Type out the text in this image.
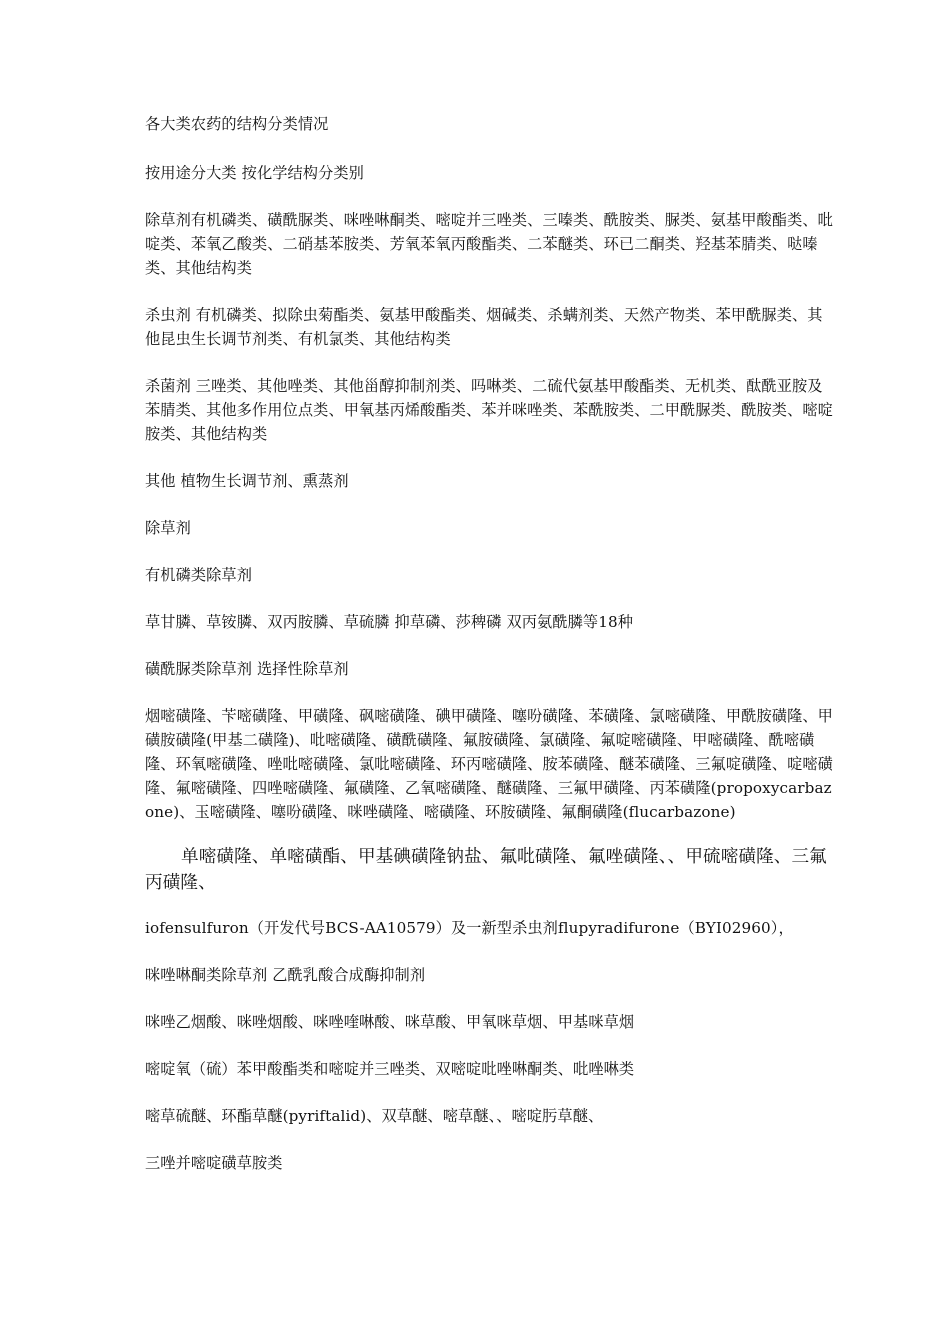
各大类农药的结构分类情况

按用途分大类 按化学结构分类别

除草剂有机磷类、磺酰脲类、咪唑啉酮类、嘧啶并三唑类、三嗪类、酰胺类、脲类、氨基甲酸酯类、吡啶类、苯氧乙酸类、二硝基苯胺类、芳氧苯氧丙酸酯类、二苯醚类、环已二酮类、羟基苯腈类、哒嗪类、其他结构类

杀虫剂 有机磷类、拟除虫菊酯类、氨基甲酸酯类、烟碱类、杀螨剂类、天然产物类、苯甲酰脲类、其他昆虫生长调节剂类、有机氯类、其他结构类

杀菌剂 三唑类、其他唑类、其他甾醇抑制剂类、吗啉类、二硫代氨基甲酸酯类、无机类、酞酰亚胺及苯腈类、其他多作用位点类、甲氧基丙烯酸酯类、苯并咪唑类、苯酰胺类、二甲酰脲类、酰胺类、嘧啶胺类、其他结构类

其他 植物生长调节剂、熏蒸剂

除草剂

有机磷类除草剂

草甘膦、草铵膦、双丙胺膦、草硫膦 抑草磷、莎稗磷 双丙氨酰膦等18种

磺酰脲类除草剂 选择性除草剂

烟嘧磺隆、苄嘧磺隆、甲磺隆、砜嘧磺隆、碘甲磺隆、噻吩磺隆、苯磺隆、氯嘧磺隆、甲酰胺磺隆、甲磺胺磺隆(甲基二磺隆)、吡嘧磺隆、磺酰磺隆、氟胺磺隆、氯磺隆、氟啶嘧磺隆、甲嘧磺隆、酰嘧磺隆、环氧嘧磺隆、唑吡嘧磺隆、氯吡嘧磺隆、环丙嘧磺隆、胺苯磺隆、醚苯磺隆、三氟啶磺隆、啶嘧磺隆、氟嘧磺隆、四唑嘧磺隆、氟磺隆、乙氧嘧磺隆、醚磺隆、三氟甲磺隆、丙苯磺隆(propoxycarbazone)、玉嘧磺隆、噻吩磺隆、咪唑磺隆、嘧磺隆、环胺磺隆、氟酮磺隆(flucarbazone)

单嘧磺隆、单嘧磺酯、甲基碘磺隆钠盐、氟吡磺隆、氟唑磺隆、、甲硫嘧磺隆、三氟丙磺隆、

iofensulfuron（开发代号BCS-AA10579）及一新型杀虫剂flupyradifurone（BYI02960），

咪唑啉酮类除草剂 乙酰乳酸合成酶抑制剂

咪唑乙烟酸、咪唑烟酸、咪唑喹啉酸、咪草酸、甲氧咪草烟、甲基咪草烟

嘧啶氧（硫）苯甲酸酯类和嘧啶并三唑类、双嘧啶吡唑啉酮类、吡唑啉类

嘧草硫醚、环酯草醚(pyriftalid)、双草醚、嘧草醚、、嘧啶肟草醚、

三唑并嘧啶磺草胺类
